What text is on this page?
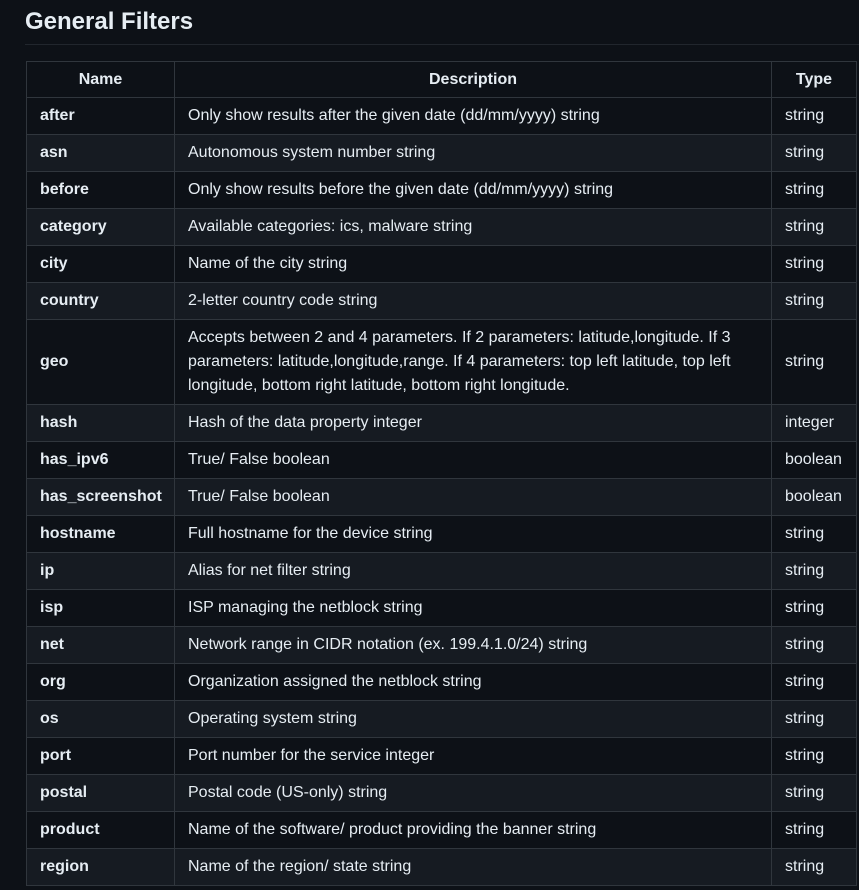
General Filters
Name	Description	Type
after	Only show results after the given date (dd/mm/yyyy) string	string
asn	Autonomous system number string	string
before	Only show results before the given date (dd/mm/yyyy) string	string
category	Available categories: ics, malware string	string
city	Name of the city string	string
country	2-letter country code string	string
geo	Accepts between 2 and 4 parameters. If 2 parameters: latitude,longitude. If 3 parameters: latitude,longitude,range. If 4 parameters: top left latitude, top left longitude, bottom right latitude, bottom right longitude.	string
hash	Hash of the data property integer	integer
has_ipv6	True/ False boolean	boolean
has_screenshot	True/ False boolean	boolean
hostname	Full hostname for the device string	string
ip	Alias for net filter string	string
isp	ISP managing the netblock string	string
net	Network range in CIDR notation (ex. 199.4.1.0/24) string	string
org	Organization assigned the netblock string	string
os	Operating system string	string
port	Port number for the service integer	string
postal	Postal code (US-only) string	string
product	Name of the software/ product providing the banner string	string
region	Name of the region/ state string	string
